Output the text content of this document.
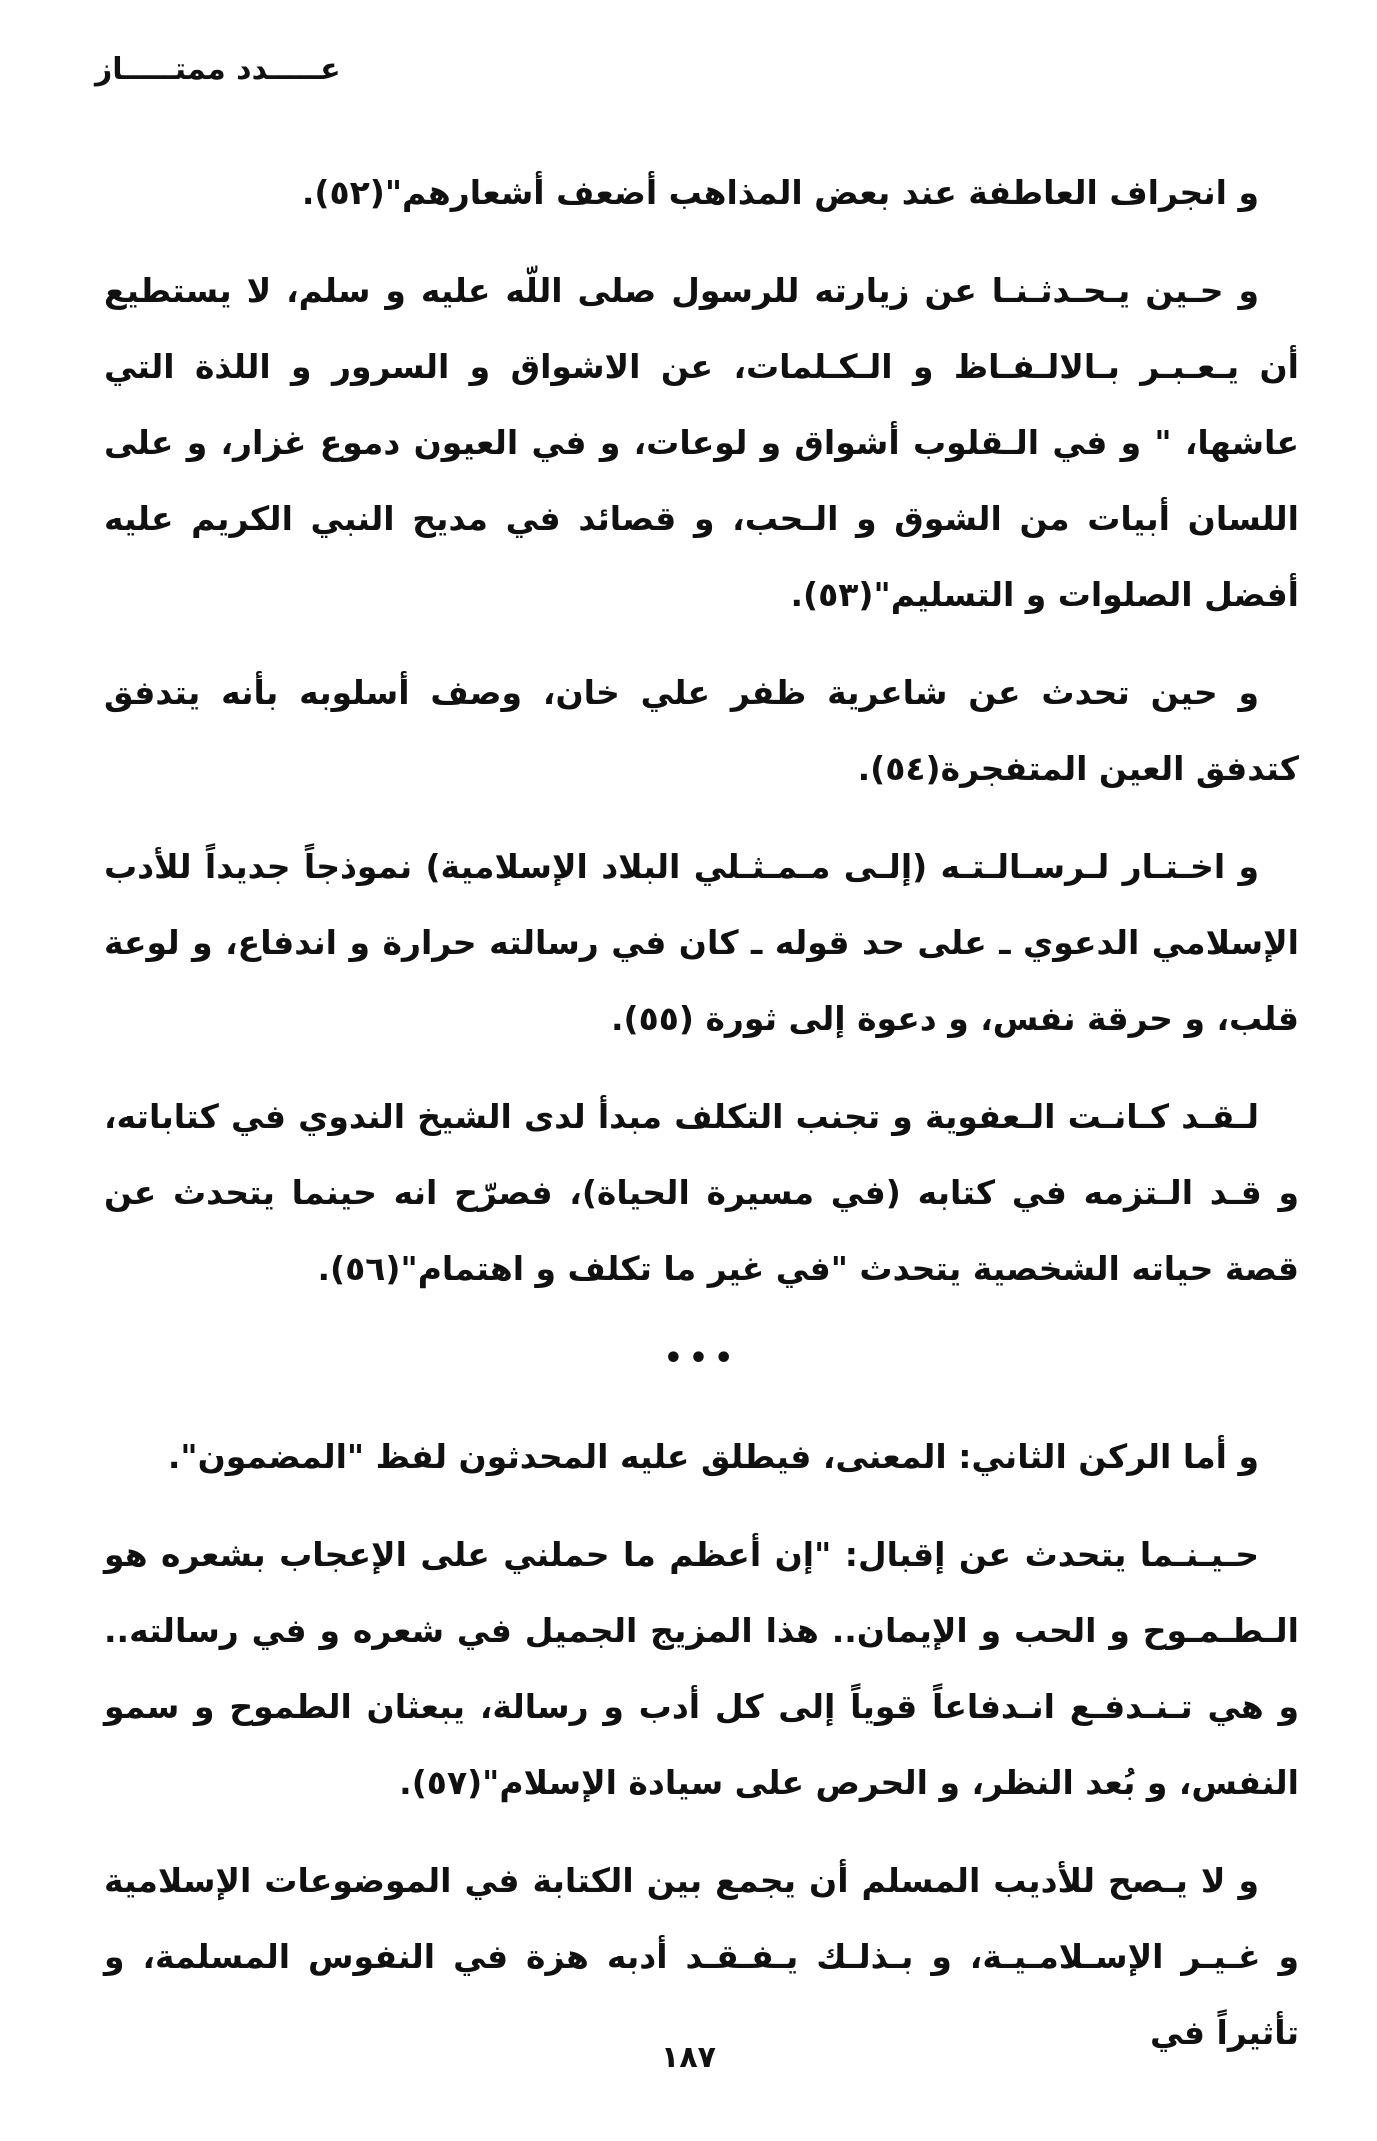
عـــــدد ممتـــــاز

و انجراف العاطفة عند بعض المذاهب أضعف أشعارهم"(٥٢).

و حـين يـحـدثـنـا عن زيارته للرسول صلى اللّه عليه و سلم، لا يستطيع أن يـعـبـر بـالالـفـاظ و الـكـلمات، عن الاشواق و السرور و اللذة التي عاشها، " و في الـقلوب أشواق و لوعات، و في العيون دموع غزار، و على اللسان أبيات من الشوق و الـحب، و قصائد في مديح النبي الكريم عليه أفضل الصلوات و التسليم"(٥٣).

و حين تحدث عن شاعرية ظفر علي خان، وصف أسلوبه بأنه يتدفق كتدفق العين المتفجرة(٥٤).

و اخـتـار لـرسـالـتـه (إلـى مـمـثـلي البلاد الإسلامية) نموذجاً جديداً للأدب الإسلامي الدعوي ـ على حد قوله ـ كان في رسالته حرارة و اندفاع، و لوعة قلب، و حرقة نفس، و دعوة إلى ثورة (٥٥).

لـقـد كـانـت الـعفوية و تجنب التكلف مبدأ لدى الشيخ الندوي في كتاباته، و قـد الـتزمه في كتابه (في مسيرة الحياة)، فصرّح انه حينما يتحدث عن قصة حياته الشخصية يتحدث "في غير ما تكلف و اهتمام"(٥٦).

•••

و أما الركن الثاني: المعنى، فيطلق عليه المحدثون لفظ "المضمون".

حـيـنـما يتحدث عن إقبال: "إن أعظم ما حملني على الإعجاب بشعره هو الـطـمـوح و الحب و الإيمان.. هذا المزيج الجميل في شعره و في رسالته.. و هي تـنـدفـع انـدفاعاً قوياً إلى كل أدب و رسالة، يبعثان الطموح و سمو النفس، و بُعد النظر، و الحرص على سيادة الإسلام"(٥٧).

و لا يـصح للأديب المسلم أن يجمع بين الكتابة في الموضوعات الإسلامية و غـيـر الإسـلامـيـة، و بـذلـك يـفـقـد أدبه هزة في النفوس المسلمة، و تأثيراً في

١٨٧
